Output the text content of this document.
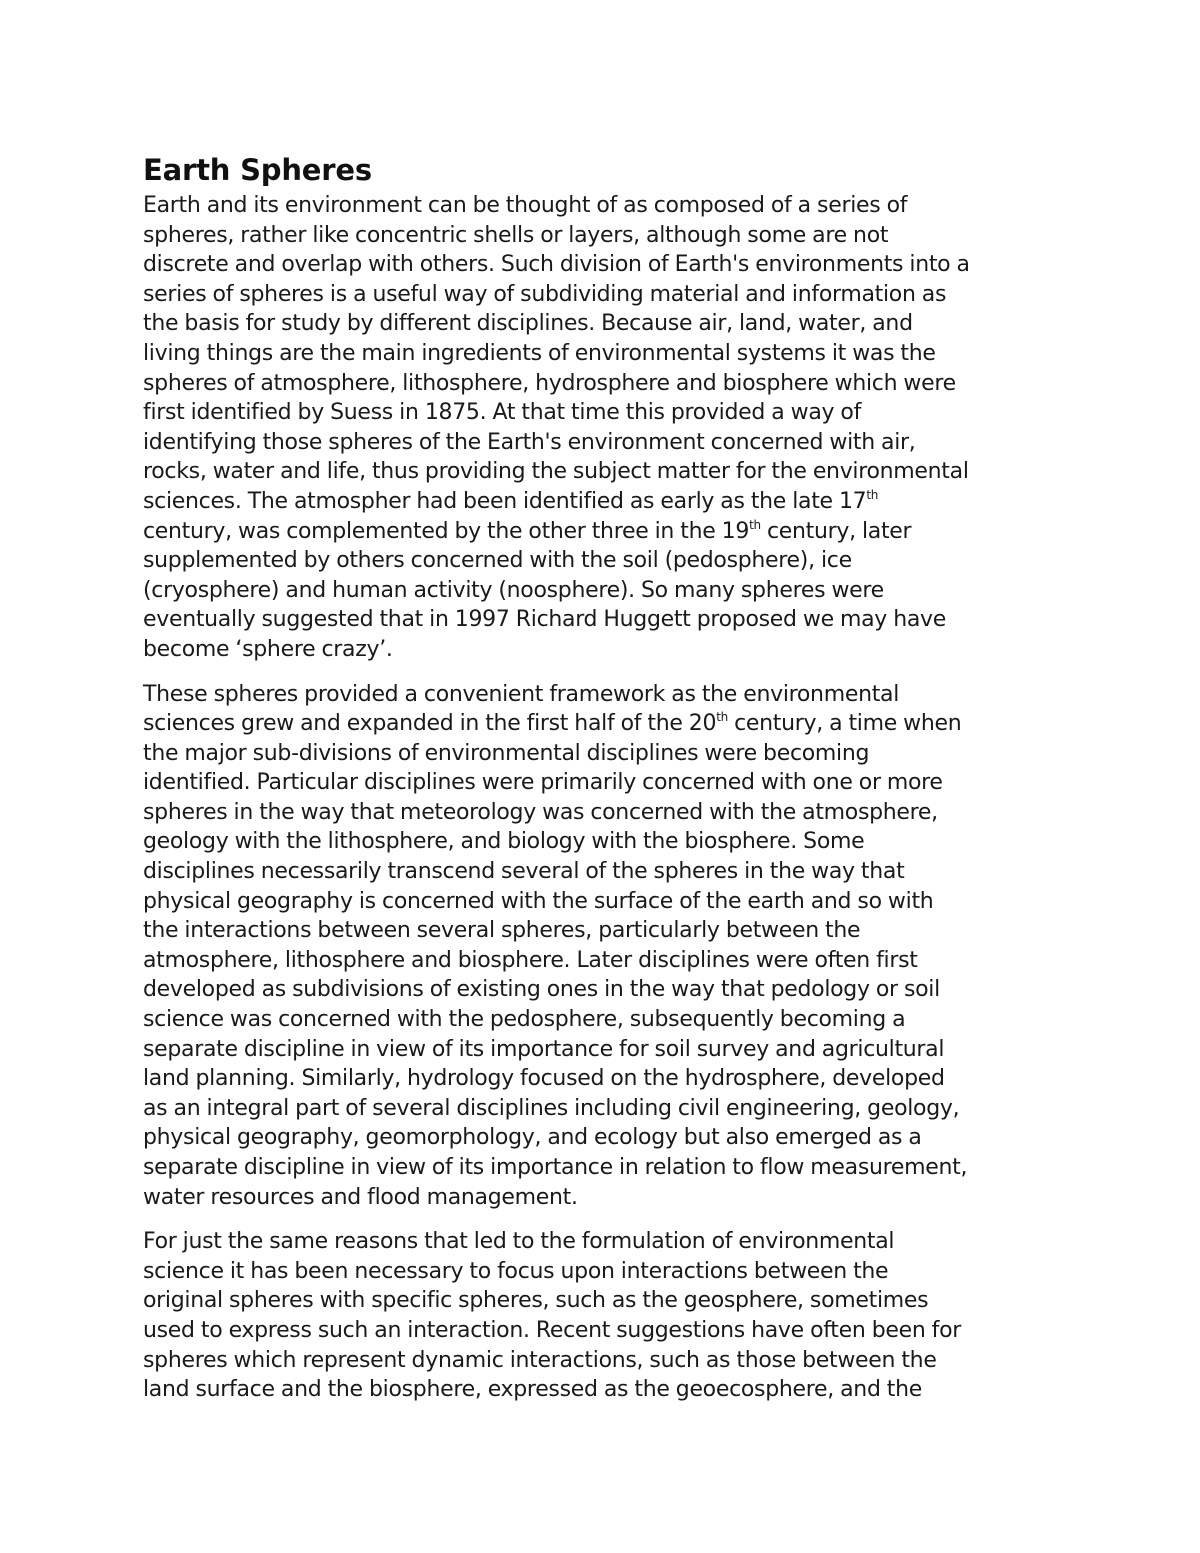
Earth Spheres

Earth and its environment can be thought of as composed of a series of
spheres, rather like concentric shells or layers, although some are not
discrete and overlap with others. Such division of Earth's environments into a
series of spheres is a useful way of subdividing material and information as
the basis for study by different disciplines. Because air, land, water, and
living things are the main ingredients of environmental systems it was the
spheres of atmosphere, lithosphere, hydrosphere and biosphere which were
first identified by Suess in 1875. At that time this provided a way of
identifying those spheres of the Earth's environment concerned with air,
rocks, water and life, thus providing the subject matter for the environmental
sciences. The atmospher had been identified as early as the late 17th
century, was complemented by the other three in the 19th century, later
supplemented by others concerned with the soil (pedosphere), ice
(cryosphere) and human activity (noosphere). So many spheres were
eventually suggested that in 1997 Richard Huggett proposed we may have
become ‘sphere crazy’.

These spheres provided a convenient framework as the environmental
sciences grew and expanded in the first half of the 20th century, a time when
the major sub-divisions of environmental disciplines were becoming
identified. Particular disciplines were primarily concerned with one or more
spheres in the way that meteorology was concerned with the atmosphere,
geology with the lithosphere, and biology with the biosphere. Some
disciplines necessarily transcend several of the spheres in the way that
physical geography is concerned with the surface of the earth and so with
the interactions between several spheres, particularly between the
atmosphere, lithosphere and biosphere. Later disciplines were often first
developed as subdivisions of existing ones in the way that pedology or soil
science was concerned with the pedosphere, subsequently becoming a
separate discipline in view of its importance for soil survey and agricultural
land planning. Similarly, hydrology focused on the hydrosphere, developed
as an integral part of several disciplines including civil engineering, geology,
physical geography, geomorphology, and ecology but also emerged as a
separate discipline in view of its importance in relation to flow measurement,
water resources and flood management.

For just the same reasons that led to the formulation of environmental
science it has been necessary to focus upon interactions between the
original spheres with specific spheres, such as the geosphere, sometimes
used to express such an interaction. Recent suggestions have often been for
spheres which represent dynamic interactions, such as those between the
land surface and the biosphere, expressed as the geoecosphere, and the
